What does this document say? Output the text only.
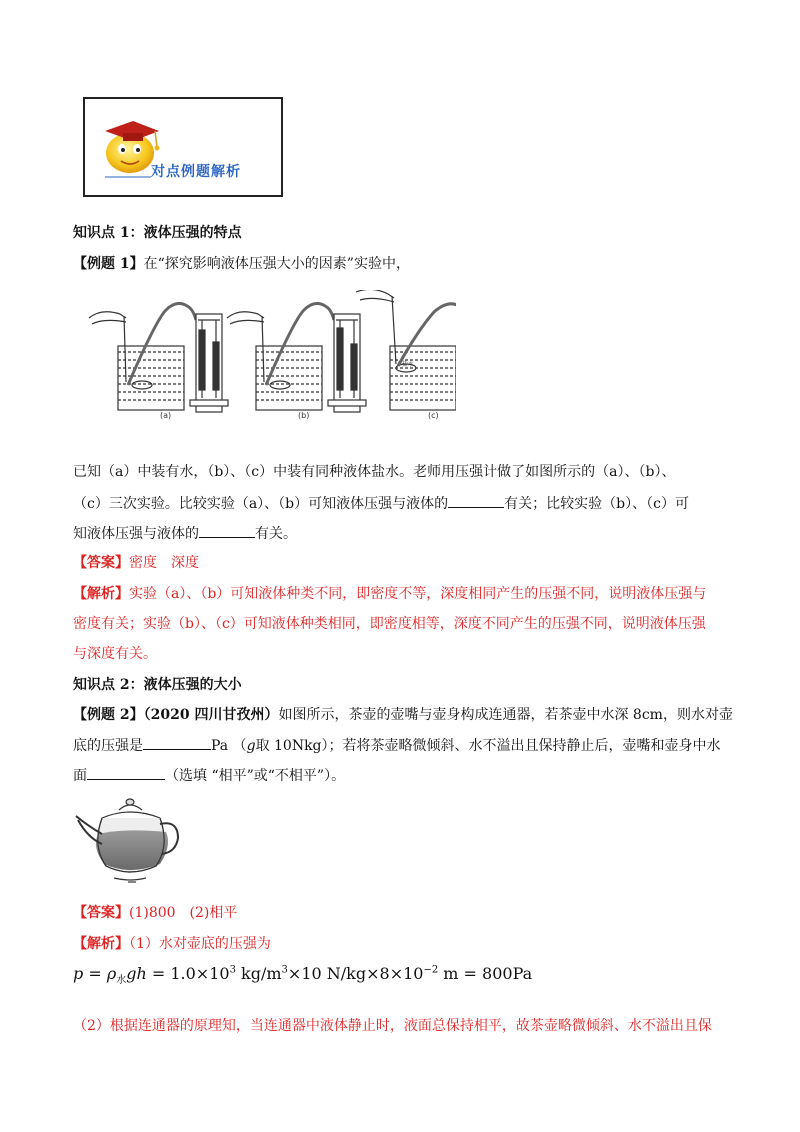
对点例题解析
知识点 1：液体压强的特点
【例题 1】在“探究影响液体压强大小的因素”实验中，
(a)	(b)	(c)
盐水
已知（a）中装有水，（b）、（c）中装有同种液体盐水。老师用压强计做了如图所示的（a）、（b）、
（c）三次实验。比较实验（a）、（b）可知液体压强与液体的	有关；比较实验（b）、（c）可
知液体压强与液体的	有关。
【答案】密度　深度
【解析】实验（a）、（b）可知液体种类不同，即密度不等，深度相同产生的压强不同，说明液体压强与
密度有关；实验（b）、（c）可知液体种类相同，即密度相等，深度不同产生的压强不同，说明液体压强
与深度有关。
知识点 2：液体压强的大小
【例题 2】（2020 四川甘孜州）如图所示，茶壶的壶嘴与壶身构成连通器，若茶壶中水深 8cm，则水对壶
底的压强是	Pa （g取 10Nkg）；若将茶壶略微倾斜、水不溢出且保持静止后，壶嘴和壶身中水
面	（选填 “相平”或“不相平”）。
【答案】(1)800　(2)相平
【解析】（1）水对壶底的压强为
$p = \rho_水gh = 1.0\times 10^3$ $kg/m^3\times 10$ $N/kg\times 8\times 10^{-2}$ m = 800Pa
（2）根据连通器的原理知，当连通器中液体静止时，液面总保持相平，故茶壶略微倾斜、水不溢出且保
